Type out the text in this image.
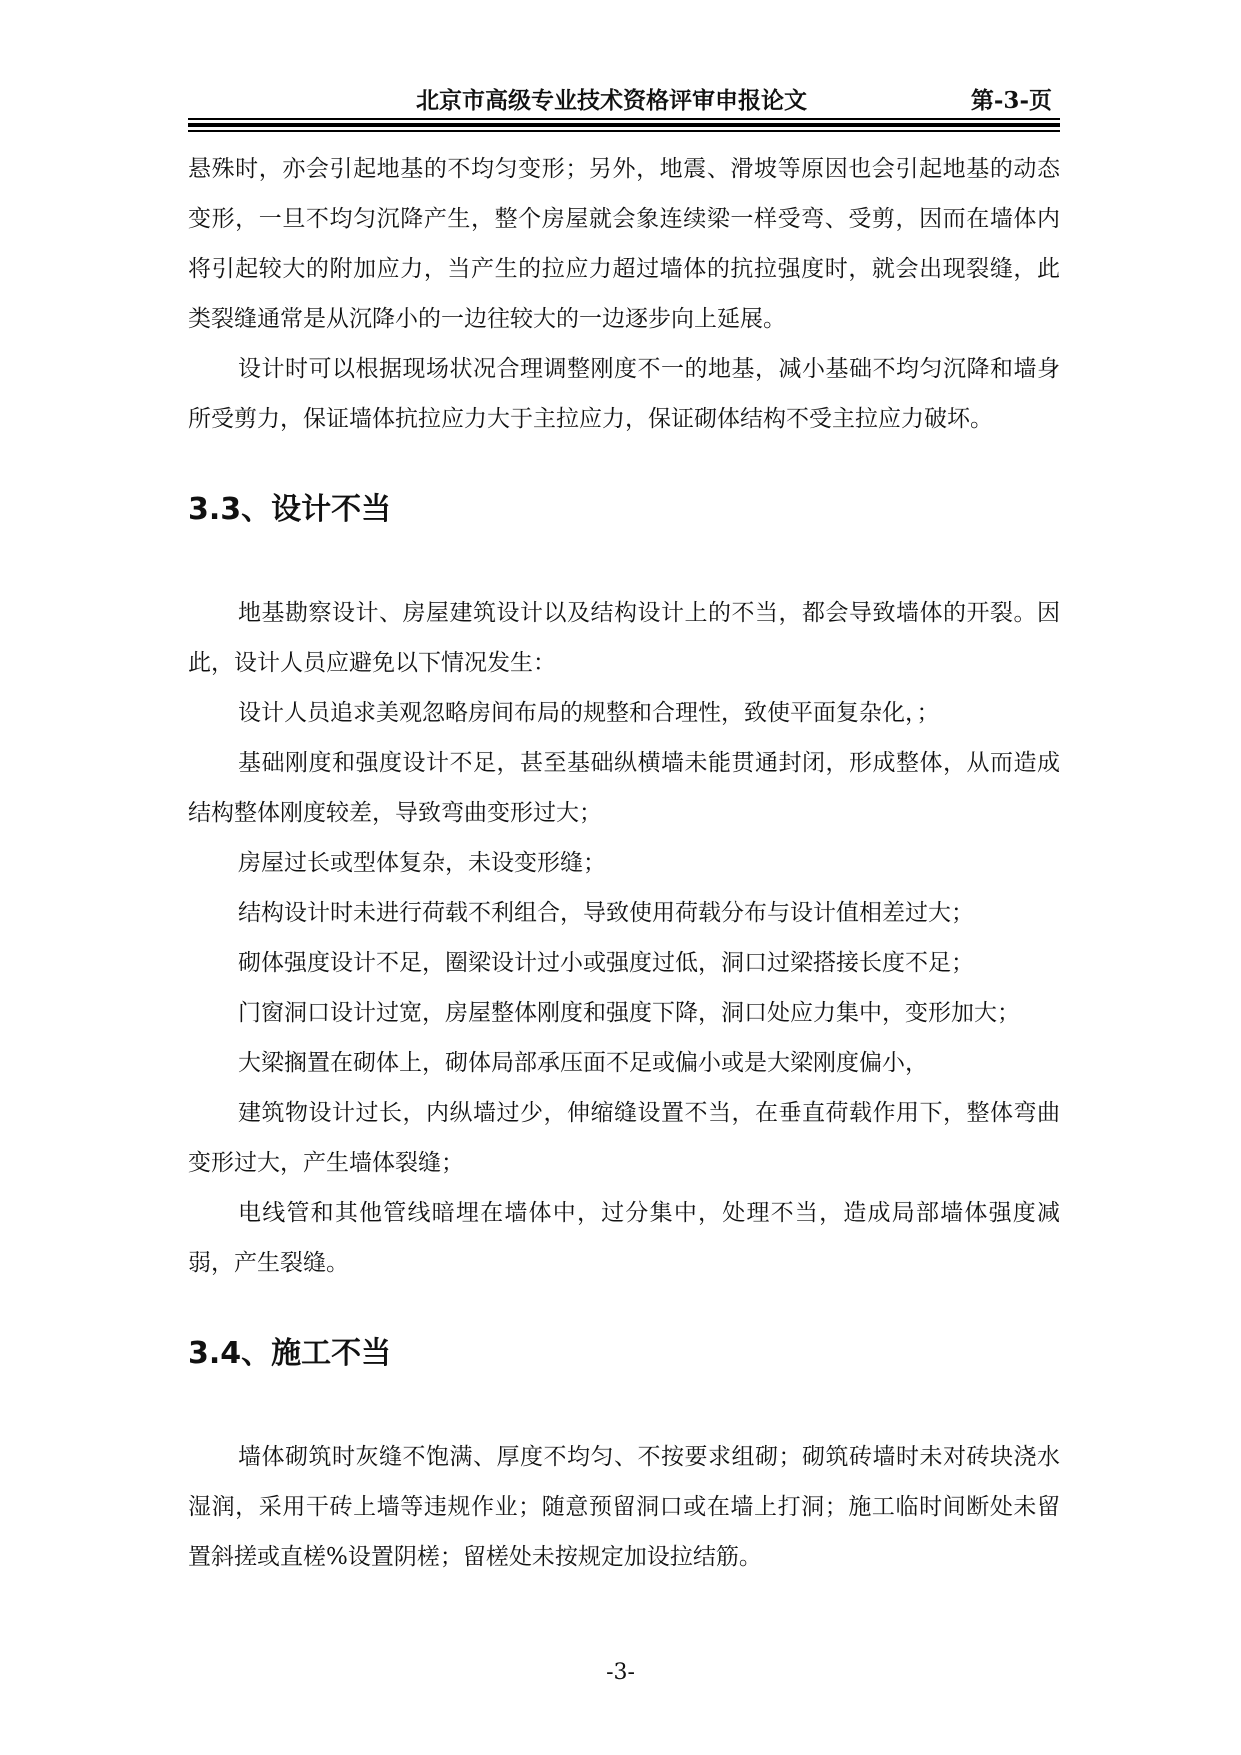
北京市高级专业技术资格评审申报论文	第-3-页

悬殊时，亦会引起地基的不均匀变形；另外，地震、滑坡等原因也会引起地基的动态变形，一旦不均匀沉降产生，整个房屋就会象连续梁一样受弯、受剪，因而在墙体内将引起较大的附加应力，当产生的拉应力超过墙体的抗拉强度时，就会出现裂缝，此类裂缝通常是从沉降小的一边往较大的一边逐步向上延展。

设计时可以根据现场状况合理调整刚度不一的地基，减小基础不均匀沉降和墙身所受剪力，保证墙体抗拉应力大于主拉应力，保证砌体结构不受主拉应力破坏。

3.3、设计不当

地基勘察设计、房屋建筑设计以及结构设计上的不当，都会导致墙体的开裂。因此，设计人员应避免以下情况发生：

设计人员追求美观忽略房间布局的规整和合理性，致使平面复杂化，；

基础刚度和强度设计不足，甚至基础纵横墙未能贯通封闭，形成整体，从而造成结构整体刚度较差，导致弯曲变形过大；

房屋过长或型体复杂，未设变形缝；

结构设计时未进行荷载不利组合，导致使用荷载分布与设计值相差过大；

砌体强度设计不足，圈梁设计过小或强度过低，洞口过梁搭接长度不足；

门窗洞口设计过宽，房屋整体刚度和强度下降，洞口处应力集中，变形加大；

大梁搁置在砌体上，砌体局部承压面不足或偏小或是大梁刚度偏小，

建筑物设计过长，内纵墙过少，伸缩缝设置不当，在垂直荷载作用下，整体弯曲变形过大，产生墙体裂缝；

电线管和其他管线暗埋在墙体中，过分集中，处理不当，造成局部墙体强度减弱，产生裂缝。

3.4、施工不当

墙体砌筑时灰缝不饱满、厚度不均匀、不按要求组砌；砌筑砖墙时未对砖块浇水湿润，采用干砖上墙等违规作业；随意预留洞口或在墙上打洞；施工临时间断处未留置斜搓或直槎%设置阴槎；留槎处未按规定加设拉结筋。

-3-
